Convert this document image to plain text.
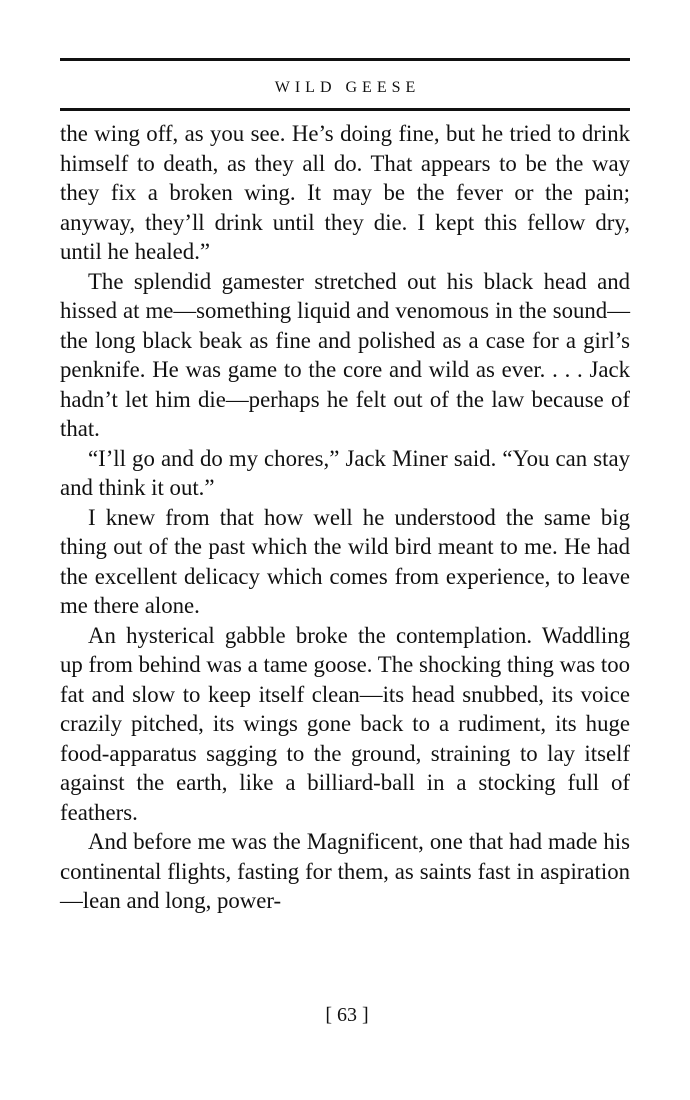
WILD GEESE

the wing off, as you see. He’s doing fine, but he tried to drink himself to death, as they all do. That appears to be the way they fix a broken wing. It may be the fever or the pain; anyway, they’ll drink until they die. I kept this fellow dry, until he healed.”

The splendid gamester stretched out his black head and hissed at me—something liquid and venomous in the sound—the long black beak as fine and polished as a case for a girl’s penknife. He was game to the core and wild as ever. . . . Jack hadn’t let him die—perhaps he felt out of the law because of that.

“I’ll go and do my chores,” Jack Miner said. “You can stay and think it out.”

I knew from that how well he understood the same big thing out of the past which the wild bird meant to me. He had the excellent delicacy which comes from experience, to leave me there alone.

An hysterical gabble broke the contemplation. Waddling up from behind was a tame goose. The shocking thing was too fat and slow to keep itself clean—its head snubbed, its voice crazily pitched, its wings gone back to a rudiment, its huge food-apparatus sagging to the ground, straining to lay itself against the earth, like a billiard-ball in a stocking full of feathers.

And before me was the Magnificent, one that had made his continental flights, fasting for them, as saints fast in aspiration—lean and long, power-

[ 63 ]
